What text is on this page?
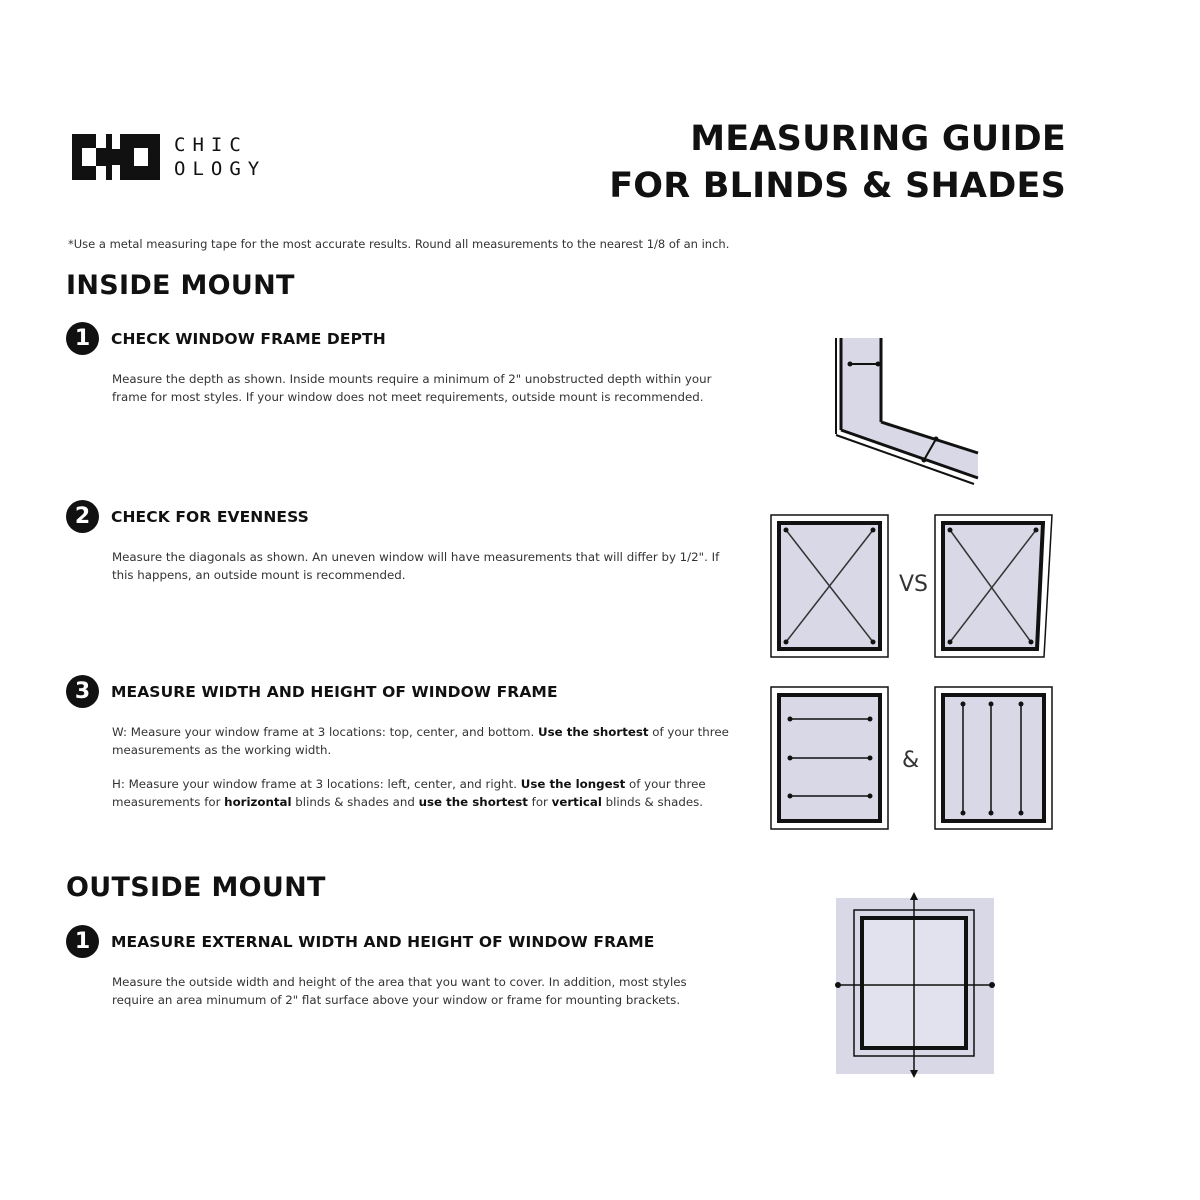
CHIC
OLOGY
MEASURING GUIDE
FOR BLINDS & SHADES
*Use a metal measuring tape for the most accurate results. Round all measurements to the nearest 1/8 of an inch.
INSIDE MOUNT
1	CHECK WINDOW FRAME DEPTH

Measure the depth as shown. Inside mounts require a minimum of 2" unobstructed depth within your frame for most styles. If your window does not meet requirements, outside mount is recommended.

2	CHECK FOR EVENNESS

Measure the diagonals as shown. An uneven window will have measurements that will differ by 1/2". If this happens, an outside mount is recommended.

3	MEASURE WIDTH AND HEIGHT OF WINDOW FRAME

W: Measure your window frame at 3 locations: top, center, and bottom. Use the shortest of your three measurements as the working width.

H: Measure your window frame at 3 locations: left, center, and right. Use the longest of your three measurements for horizontal blinds & shades and use the shortest for vertical blinds & shades.

OUTSIDE MOUNT
1	MEASURE EXTERNAL WIDTH AND HEIGHT OF WINDOW FRAME

Measure the outside width and height of the area that you want to cover. In addition, most styles require an area minumum of 2" flat surface above your window or frame for mounting brackets.

VS
&
